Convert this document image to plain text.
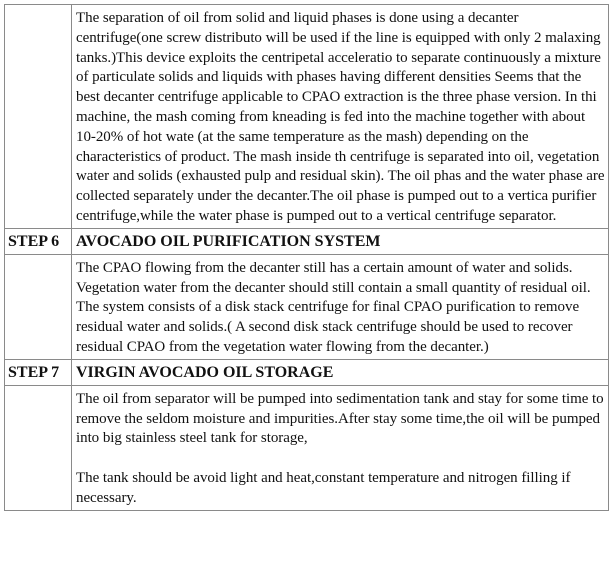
	The separation of oil from solid and liquid phases is done using a decanter centrifuge(one screw distributo will be used if the line is equipped with only 2 malaxing tanks.)This device exploits the centripetal acceleratio to separate continuously a mixture of particulate solids and liquids with phases having different densities Seems that the best decanter centrifuge applicable to CPAO extraction is the three phase version. In thi machine, the mash coming from kneading is fed into the machine together with about 10-20% of hot wate (at the same temperature as the mash) depending on the characteristics of product. The mash inside th centrifuge is separated into oil, vegetation water and solids (exhausted pulp and residual skin). The oil phas and the water phase are collected separately under the decanter.The oil phase is pumped out to a vertica purifier centrifuge,while the water phase is pumped out to a vertical centrifuge separator.

STEP 6	AVOCADO OIL PURIFICATION SYSTEM

	The CPAO flowing from the decanter still has a certain amount of water and solids. Vegetation water from the decanter should still contain a small quantity of residual oil. The system consists of a disk stack centrifuge for final CPAO purification to remove residual water and solids.( A second disk stack centrifuge should be used to recover residual CPAO from the vegetation water flowing from the decanter.)

STEP 7	VIRGIN AVOCADO OIL STORAGE

	The oil from separator will be pumped into sedimentation tank and stay for some time to remove the seldom moisture and impurities.After stay some time,the oil will be pumped into big stainless steel tank for storage,

The tank should be avoid light and heat,constant temperature and nitrogen filling if necessary.
